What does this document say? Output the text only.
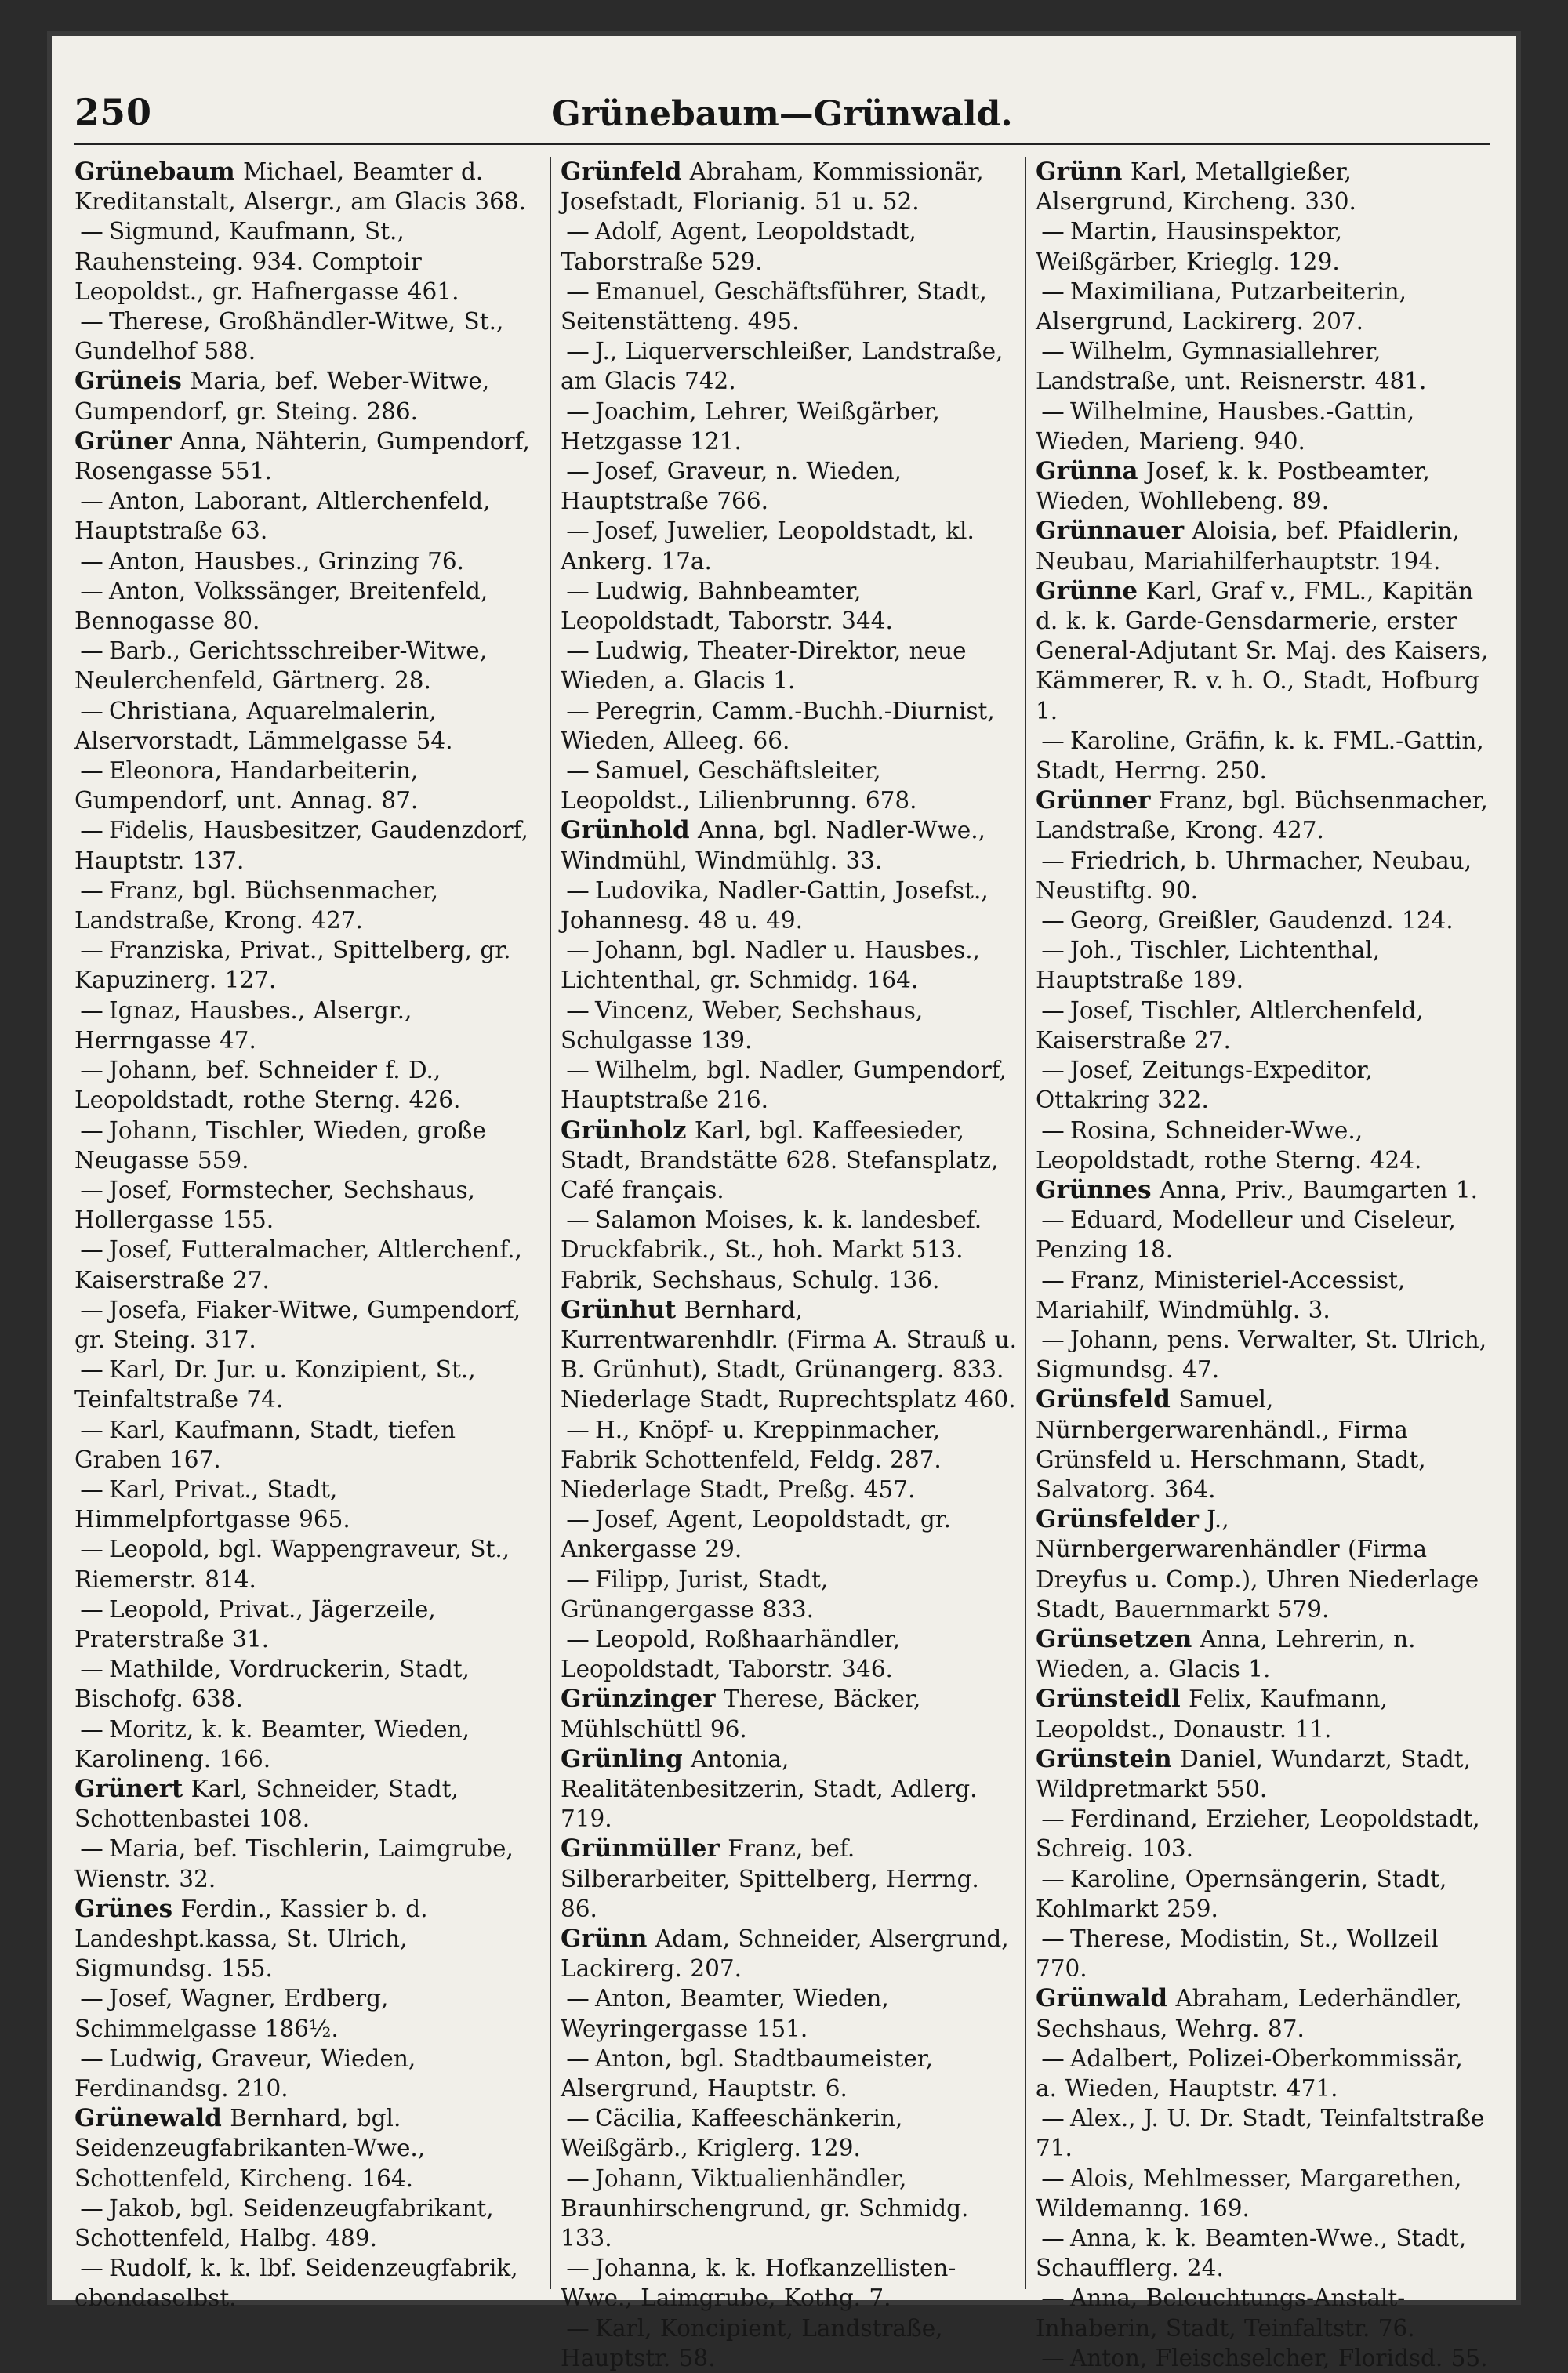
250	Grünebaum—Grünwald.

Grünebaum Michael, Beamter d. Kreditanstalt, Alsergr., am Glacis 368.

— Sigmund, Kaufmann, St., Rauhensteing. 934. Comptoir Leopoldst., gr. Hafnergasse 461.

— Therese, Großhändler-Witwe, St., Gundelhof 588.

Grüneis Maria, bef. Weber-Witwe, Gumpendorf, gr. Steing. 286.

Grüner Anna, Nähterin, Gumpendorf, Rosengasse 551.

— Anton, Laborant, Altlerchenfeld, Hauptstraße 63.

— Anton, Hausbes., Grinzing 76.

— Anton, Volkssänger, Breitenfeld, Bennogasse 80.

— Barb., Gerichtsschreiber-Witwe, Neulerchenfeld, Gärtnerg. 28.

— Christiana, Aquarelmalerin, Alservorstadt, Lämmelgasse 54.

— Eleonora, Handarbeiterin, Gumpendorf, unt. Annag. 87.

— Fidelis, Hausbesitzer, Gaudenzdorf, Hauptstr. 137.

— Franz, bgl. Büchsenmacher, Landstraße, Krong. 427.

— Franziska, Privat., Spittelberg, gr. Kapuzinerg. 127.

— Ignaz, Hausbes., Alsergr., Herrngasse 47.

— Johann, bef. Schneider f. D., Leopoldstadt, rothe Sterng. 426.

— Johann, Tischler, Wieden, große Neugasse 559.

— Josef, Formstecher, Sechshaus, Hollergasse 155.

— Josef, Futteralmacher, Altlerchenf., Kaiserstraße 27.

— Josefa, Fiaker-Witwe, Gumpendorf, gr. Steing. 317.

— Karl, Dr. Jur. u. Konzipient, St., Teinfaltstraße 74.

— Karl, Kaufmann, Stadt, tiefen Graben 167.

— Karl, Privat., Stadt, Himmelpfortgasse 965.

— Leopold, bgl. Wappengraveur, St., Riemerstr. 814.

— Leopold, Privat., Jägerzeile, Praterstraße 31.

— Mathilde, Vordruckerin, Stadt, Bischofg. 638.

— Moritz, k. k. Beamter, Wieden, Karolineng. 166.

Grünert Karl, Schneider, Stadt, Schottenbastei 108.

— Maria, bef. Tischlerin, Laimgrube, Wienstr. 32.

Grünes Ferdin., Kassier b. d. Landeshpt.kassa, St. Ulrich, Sigmundsg. 155.

— Josef, Wagner, Erdberg, Schimmelgasse 186½.

— Ludwig, Graveur, Wieden, Ferdinandsg. 210.

Grünewald Bernhard, bgl. Seidenzeugfabrikanten-Wwe., Schottenfeld, Kircheng. 164.

— Jakob, bgl. Seidenzeugfabrikant, Schottenfeld, Halbg. 489.

— Rudolf, k. k. lbf. Seidenzeugfabrik, ebendaselbst.

Grünfeld Abraham, Kommissionär, Josefstadt, Florianig. 51 u. 52.

— Adolf, Agent, Leopoldstadt, Taborstraße 529.

— Emanuel, Geschäftsführer, Stadt, Seitenstätteng. 495.

— J., Liquerverschleißer, Landstraße, am Glacis 742.

— Joachim, Lehrer, Weißgärber, Hetzgasse 121.

— Josef, Graveur, n. Wieden, Hauptstraße 766.

— Josef, Juwelier, Leopoldstadt, kl. Ankerg. 17a.

— Ludwig, Bahnbeamter, Leopoldstadt, Taborstr. 344.

— Ludwig, Theater-Direktor, neue Wieden, a. Glacis 1.

— Peregrin, Camm.-Buchh.-Diurnist, Wieden, Alleeg. 66.

— Samuel, Geschäftsleiter, Leopoldst., Lilienbrunng. 678.

Grünhold Anna, bgl. Nadler-Wwe., Windmühl, Windmühlg. 33.

— Ludovika, Nadler-Gattin, Josefst., Johannesg. 48 u. 49.

— Johann, bgl. Nadler u. Hausbes., Lichtenthal, gr. Schmidg. 164.

— Vincenz, Weber, Sechshaus, Schulgasse 139.

— Wilhelm, bgl. Nadler, Gumpendorf, Hauptstraße 216.

Grünholz Karl, bgl. Kaffeesieder, Stadt, Brandstätte 628. Stefansplatz, Café français.

— Salamon Moises, k. k. landesbef. Druckfabrik., St., hoh. Markt 513. Fabrik, Sechshaus, Schulg. 136.

Grünhut Bernhard, Kurrentwarenhdlr. (Firma A. Strauß u. B. Grünhut), Stadt, Grünangerg. 833. Niederlage Stadt, Ruprechtsplatz 460.

— H., Knöpf- u. Kreppinmacher, Fabrik Schottenfeld, Feldg. 287. Niederlage Stadt, Preßg. 457.

— Josef, Agent, Leopoldstadt, gr. Ankergasse 29.

— Filipp, Jurist, Stadt, Grünangergasse 833.

— Leopold, Roßhaarhändler, Leopoldstadt, Taborstr. 346.

Grünzinger Therese, Bäcker, Mühlschüttl 96.

Grünling Antonia, Realitätenbesitzerin, Stadt, Adlerg. 719.

Grünmüller Franz, bef. Silberarbeiter, Spittelberg, Herrng. 86.

Grünn Adam, Schneider, Alsergrund, Lackirerg. 207.

— Anton, Beamter, Wieden, Weyringergasse 151.

— Anton, bgl. Stadtbaumeister, Alsergrund, Hauptstr. 6.

— Cäcilia, Kaffeeschänkerin, Weißgärb., Kriglerg. 129.

— Johann, Viktualienhändler, Braunhirschengrund, gr. Schmidg. 133.

— Johanna, k. k. Hofkanzellisten-Wwe., Laimgrube, Kothg. 7.

— Karl, Koncipient, Landstraße, Hauptstr. 58.

Grünn Karl, Metallgießer, Alsergrund, Kircheng. 330.

— Martin, Hausinspektor, Weißgärber, Krieglg. 129.

— Maximiliana, Putzarbeiterin, Alsergrund, Lackirerg. 207.

— Wilhelm, Gymnasiallehrer, Landstraße, unt. Reisnerstr. 481.

— Wilhelmine, Hausbes.-Gattin, Wieden, Marieng. 940.

Grünna Josef, k. k. Postbeamter, Wieden, Wohllebeng. 89.

Grünnauer Aloisia, bef. Pfaidlerin, Neubau, Mariahilferhauptstr. 194.

Grünne Karl, Graf v., FML., Kapitän d. k. k. Garde-Gensdarmerie, erster General-Adjutant Sr. Maj. des Kaisers, Kämmerer, R. v. h. O., Stadt, Hofburg 1.

— Karoline, Gräfin, k. k. FML.-Gattin, Stadt, Herrng. 250.

Grünner Franz, bgl. Büchsenmacher, Landstraße, Krong. 427.

— Friedrich, b. Uhrmacher, Neubau, Neustiftg. 90.

— Georg, Greißler, Gaudenzd. 124.

— Joh., Tischler, Lichtenthal, Hauptstraße 189.

— Josef, Tischler, Altlerchenfeld, Kaiserstraße 27.

— Josef, Zeitungs-Expeditor, Ottakring 322.

— Rosina, Schneider-Wwe., Leopoldstadt, rothe Sterng. 424.

Grünnes Anna, Priv., Baumgarten 1.

— Eduard, Modelleur und Ciseleur, Penzing 18.

— Franz, Ministeriel-Accessist, Mariahilf, Windmühlg. 3.

— Johann, pens. Verwalter, St. Ulrich, Sigmundsg. 47.

Grünsfeld Samuel, Nürnbergerwarenhändl., Firma Grünsfeld u. Herschmann, Stadt, Salvatorg. 364.

Grünsfelder J., Nürnbergerwarenhändler (Firma Dreyfus u. Comp.), Uhren Niederlage Stadt, Bauernmarkt 579.

Grünsetzen Anna, Lehrerin, n. Wieden, a. Glacis 1.

Grünsteidl Felix, Kaufmann, Leopoldst., Donaustr. 11.

Grünstein Daniel, Wundarzt, Stadt, Wildpretmarkt 550.

— Ferdinand, Erzieher, Leopoldstadt, Schreig. 103.

— Karoline, Opernsängerin, Stadt, Kohlmarkt 259.

— Therese, Modistin, St., Wollzeil 770.

Grünwald Abraham, Lederhändler, Sechshaus, Wehrg. 87.

— Adalbert, Polizei-Oberkommissär, a. Wieden, Hauptstr. 471.

— Alex., J. U. Dr. Stadt, Teinfaltstraße 71.

— Alois, Mehlmesser, Margarethen, Wildemanng. 169.

— Anna, k. k. Beamten-Wwe., Stadt, Schaufflerg. 24.

— Anna, Beleuchtungs-Anstalt-Inhaberin, Stadt, Teinfaltstr. 76.

— Anton, Fleischselcher, Floridsd. 55.
